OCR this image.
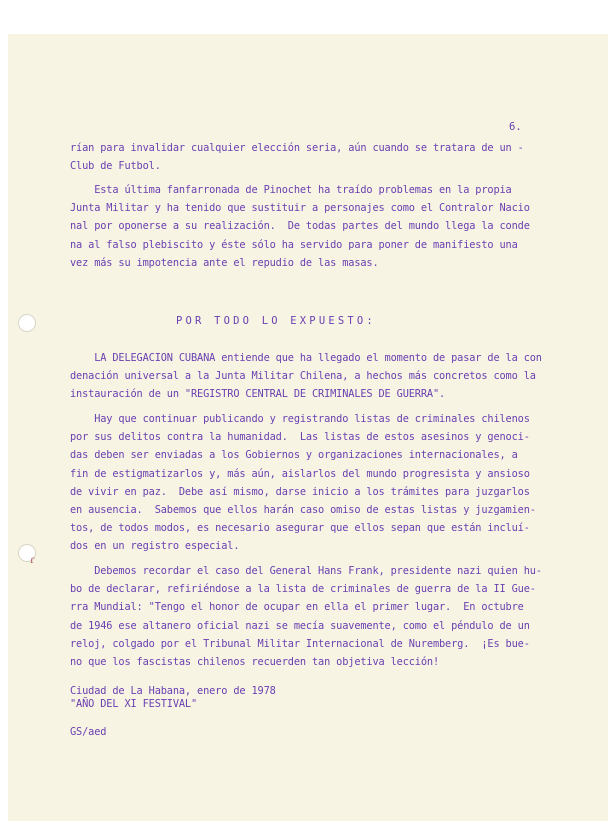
ɾ
6.
rían para invalidar cualquier elección seria, aún cuando se tratara de un -
Club de Futbol.
Esta última fanfarronada de Pinochet ha traído problemas en la propia
Junta Militar y ha tenido que sustituir a personajes como el Contralor Nacio
nal por oponerse a su realización.  De todas partes del mundo llega la conde
na al falso plebiscito y éste sólo ha servido para poner de manifiesto una
vez más su impotencia ante el repudio de las masas.
POR TODO LO EXPUESTO:
LA DELEGACION CUBANA entiende que ha llegado el momento de pasar de la con
denación universal a la Junta Militar Chilena, a hechos más concretos como la
instauración de un "REGISTRO CENTRAL DE CRIMINALES DE GUERRA".
Hay que continuar publicando y registrando listas de criminales chilenos
por sus delitos contra la humanidad.  Las listas de estos asesinos y genoci-
das deben ser enviadas a los Gobiernos y organizaciones internacionales, a
fin de estigmatizarlos y, más aún, aislarlos del mundo progresista y ansioso
de vivir en paz.  Debe así mismo, darse inicio a los trámites para juzgarlos
en ausencia.  Sabemos que ellos harán caso omiso de estas listas y juzgamien-
tos, de todos modos, es necesario asegurar que ellos sepan que están incluí-
dos en un registro especial.
Debemos recordar el caso del General Hans Frank, presidente nazi quien hu-
bo de declarar, refiriéndose a la lista de criminales de guerra de la II Gue-
rra Mundial: "Tengo el honor de ocupar en ella el primer lugar.  En octubre
de 1946 ese altanero oficial nazi se mecía suavemente, como el péndulo de un
reloj, colgado por el Tribunal Militar Internacional de Nuremberg.  ¡Es bue-
no que los fascistas chilenos recuerden tan objetiva lección!
Ciudad de La Habana, enero de 1978
"AÑO DEL XI FESTIVAL"
GS/aed
